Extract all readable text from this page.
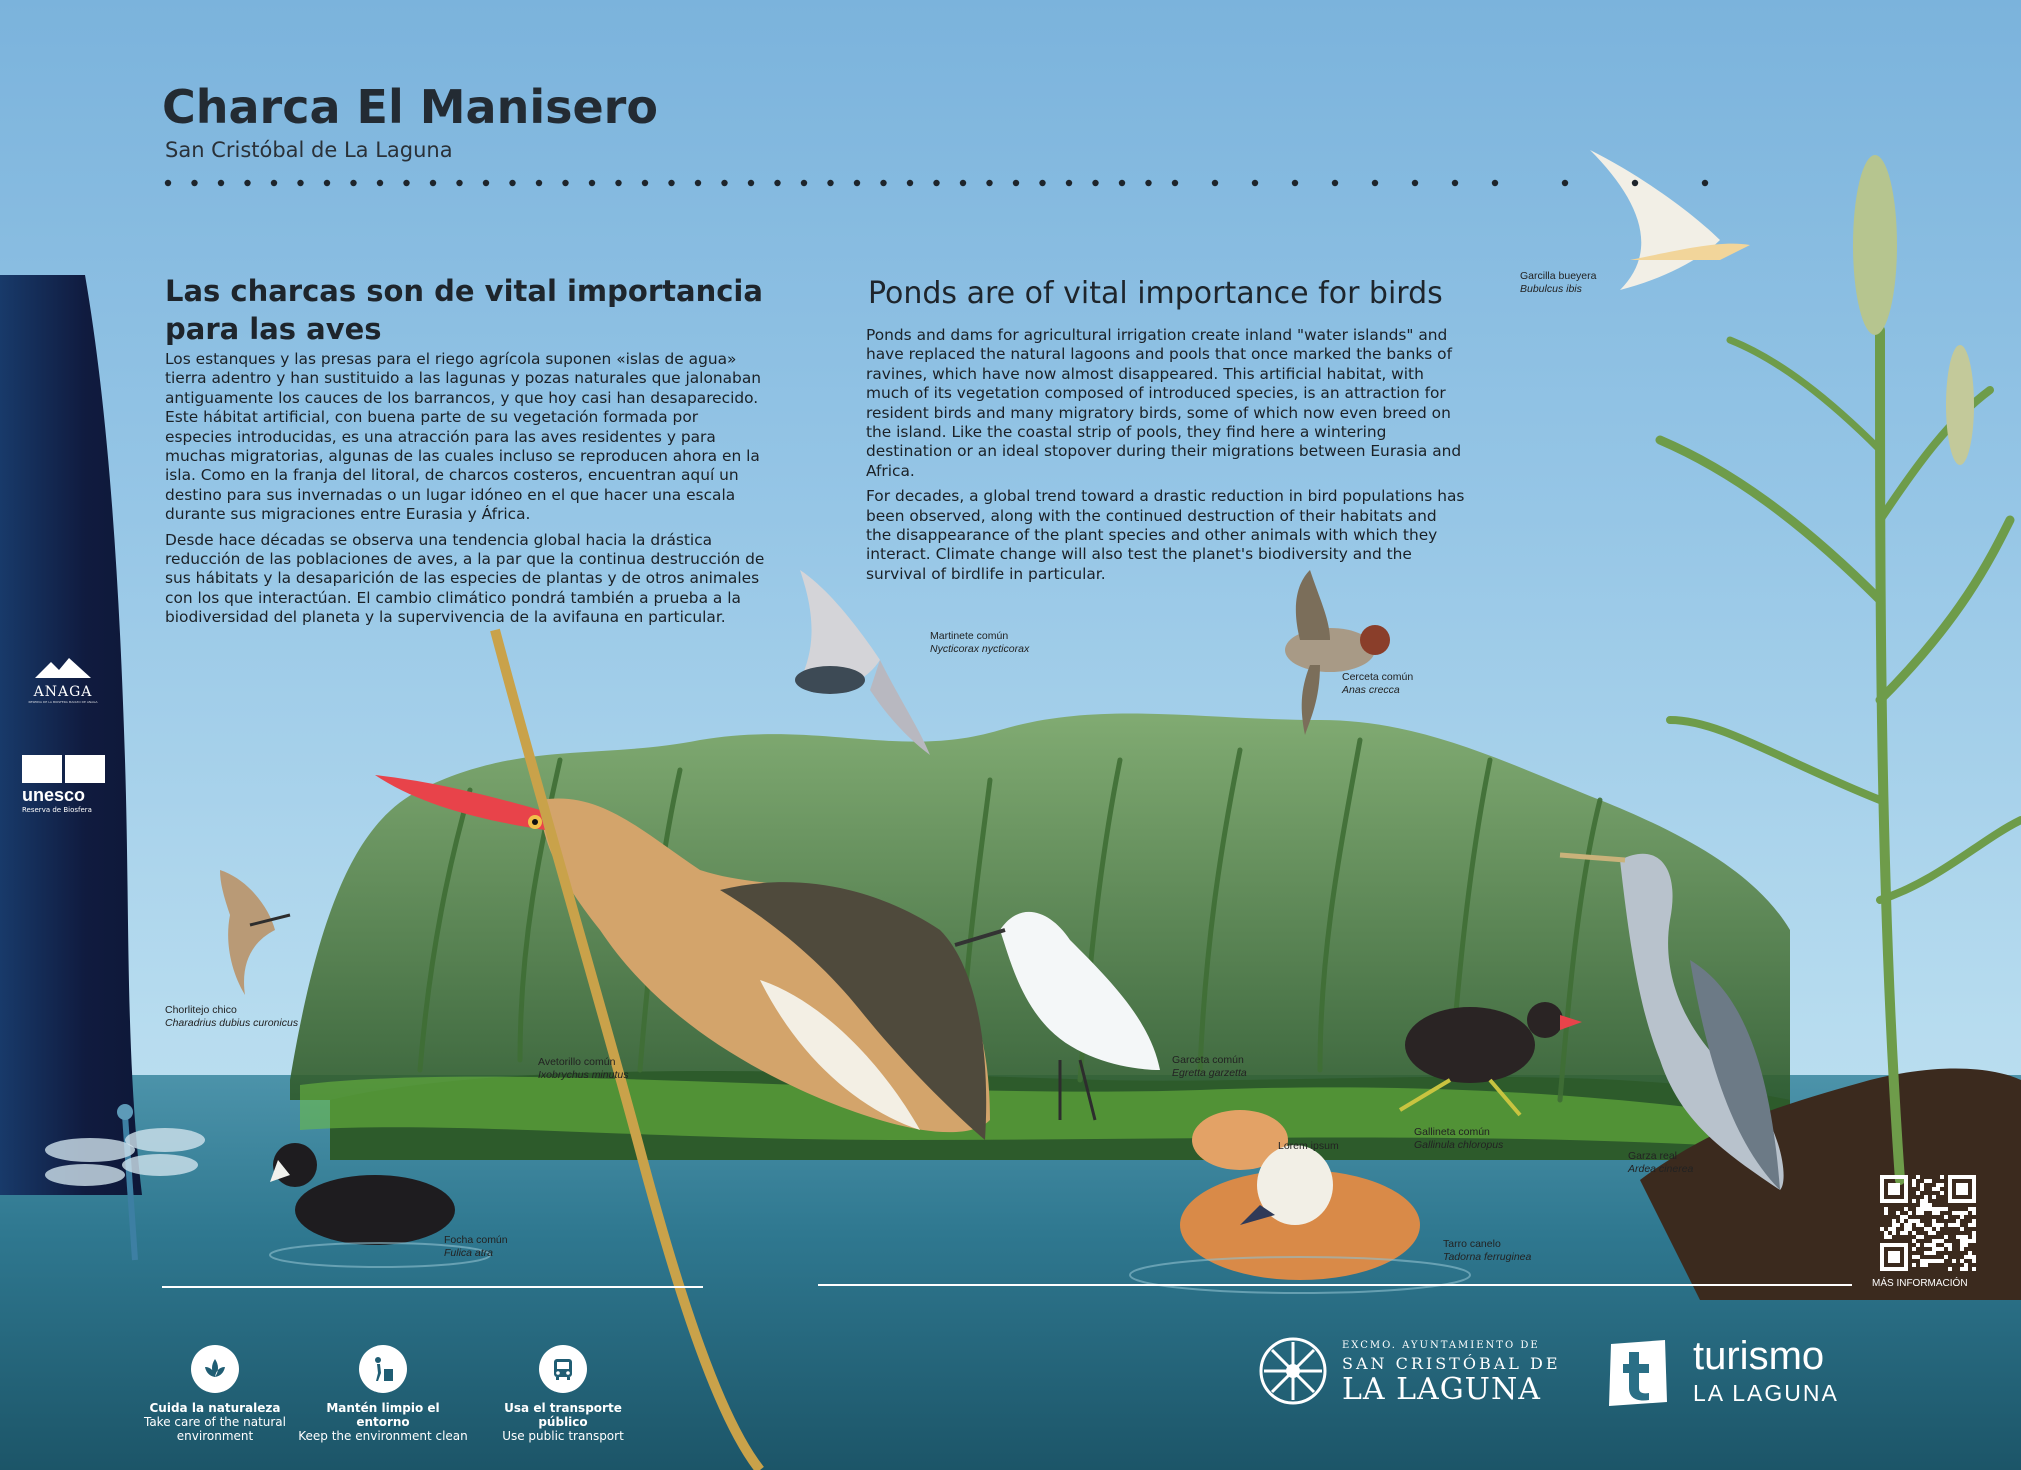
Charca El Manisero
San Cristóbal de La Laguna
Las charcas son de vital importancia para las aves

Los estanques y las presas para el riego agrícola suponen «islas de agua» tierra adentro y han sustituido a las lagunas y pozas naturales que jalonaban antiguamente los cauces de los barrancos, y que hoy casi han desaparecido. Este hábitat artificial, con buena parte de su vegetación formada por especies introducidas, es una atracción para las aves residentes y para muchas migratorias, algunas de las cuales incluso se reproducen ahora en la isla. Como en la franja del litoral, de charcos costeros, encuentran aquí un destino para sus invernadas o un lugar idóneo en el que hacer una escala durante sus migraciones entre Eurasia y África.

Desde hace décadas se observa una tendencia global hacia la drástica reducción de las poblaciones de aves, a la par que la continua destrucción de sus hábitats y la desaparición de las especies de plantas y de otros animales con los que interactúan. El cambio climático pondrá también a prueba a la biodiversidad del planeta y la supervivencia de la avifauna en particular.

Ponds are of vital importance for birds

Ponds and dams for agricultural irrigation create inland "water islands" and have replaced the natural lagoons and pools that once marked the banks of ravines, which have now almost disappeared. This artificial habitat, with much of its vegetation composed of introduced species, is an attraction for resident birds and many migratory birds, some of which now even breed on the island. Like the coastal strip of pools, they find here a wintering destination or an ideal stopover during their migrations between Eurasia and Africa.

For decades, a global trend toward a drastic reduction in bird populations has been observed, along with the continued destruction of their habitats and the disappearance of the plant species and other animals with which they interact. Climate change will also test the planet's biodiversity and the survival of birdlife in particular.

Garcilla bueyera
Bubulcus ibis
Martinete común
Nycticorax nycticorax
Cerceta común
Anas crecca
Chorlitejo chico
Charadrius dubius curonicus
Avetorillo común
Ixobrychus minutus
Garceta común
Egretta garzetta
Gallineta común
Gallinula chloropus
Garza real
Ardea cinerea
Focha común
Fulica atra
Tarro canelo
Tadorna ferruginea
Lorem ipsum
ANAGA
RESERVA DE LA BIOSFERA MACIZO DE ANAGA
unesco
Reserva de Biosfera
Cuida la naturaleza
Take care of the natural environment
Mantén limpio el entorno
Keep the environment clean
Usa el transporte público
Use public transport
EXCMO. AYUNTAMIENTO DE
SAN CRISTÓBAL DE
LA LAGUNA
turismo
LA LAGUNA
MÁS INFORMACIÓN
